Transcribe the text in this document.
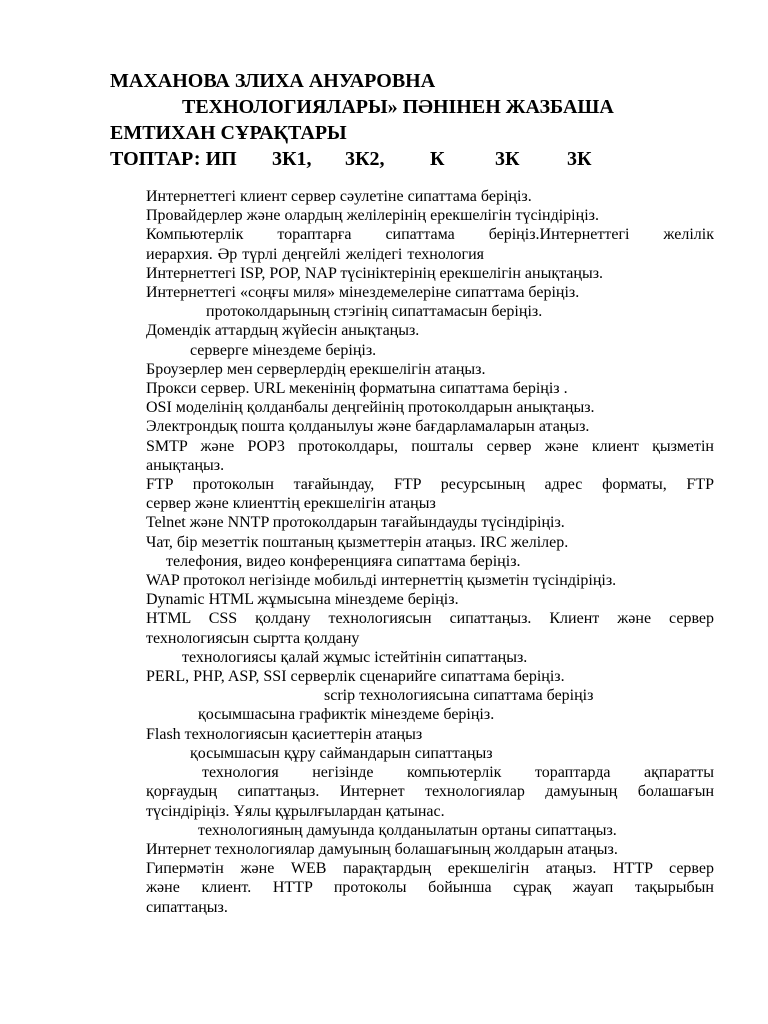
МАХАНОВА ЗЛИХА АНУАРОВНА

ТЕХНОЛОГИЯЛАРЫ» ПӘНІНЕН ЖАЗБАША

ЕМТИХАН СҰРАҚТАРЫ

ТОПТАР: ИП	3К1,	3К2,	К	3К	3К

Интернеттегі клиент сервер сәулетіне сипаттама беріңіз.

Провайдерлер және олардың желілерінің ерекшелігін түсіндіріңіз.

Компьютерлік тораптарға сипаттама беріңіз.Интернеттегі желілік

иерархия. Әр түрлі деңгейлі желідегі технология

Интернеттегі ISP, POP, NAP түсініктерінің ерекшелігін анықтаңыз.

Интернеттегі «соңғы миля» мінездемелеріне сипаттама беріңіз.

протоколдарының стэгінің сипаттамасын беріңіз.

Домендік аттардың жүйесін анықтаңыз.

серверге мінездеме беріңіз.

Броузерлер мен серверлердің ерекшелігін атаңыз.

Прокси сервер. URL мекенінің форматына сипаттама беріңіз .

OSI моделінің қолданбалы деңгейінің протоколдарын анықтаңыз.

Электрондық пошта қолданылуы және бағдарламаларын атаңыз.

SMTP және POP3 протоколдары, пошталы сервер және клиент қызметін

анықтаңыз.

FTP протоколын тағайындау, FTP ресурсының адрес форматы, FTP

сервер және клиенттің ерекшелігін атаңыз

Telnet және NNTP протоколдарын тағайындауды түсіндіріңіз.

Чат, бір мезеттік поштаның қызметтерін атаңыз. IRC желілер.

телефония, видео конференцияға сипаттама беріңіз.

WAP протокол негізінде мобильді интернеттің қызметін түсіндіріңіз.

Dynamic HTML жұмысына мінездеме беріңіз.

HTML CSS қолдану технологиясын сипаттаңыз. Клиент және сервер

технологиясын сыртта қолдану

технологиясы қалай жұмыс істейтінін сипаттаңыз.

PERL, PHP, ASP, SSI серверлік сценарийге сипаттама беріңіз.

scrip технологиясына сипаттама беріңіз

қосымшасына графиктік мінездеме беріңіз.

Flash технологиясын қасиеттерін атаңыз

қосымшасын құру саймандарын сипаттаңыз

технология негізінде компьютерлік тораптарда ақпаратты

қорғаудың сипаттаңыз. Интернет технологиялар дамуының болашағын

түсіндіріңіз. Ұялы құрылғылардан қатынас.

технологияның дамуында қолданылатын ортаны сипаттаңыз.

Интернет технологиялар дамуының болашағының жолдарын атаңыз.

Гипермәтін және WEB парақтардың ерекшелігін атаңыз. HTTP сервер

және клиент. HTTP протоколы бойынша сұрақ жауап тақырыбын

сипаттаңыз.
